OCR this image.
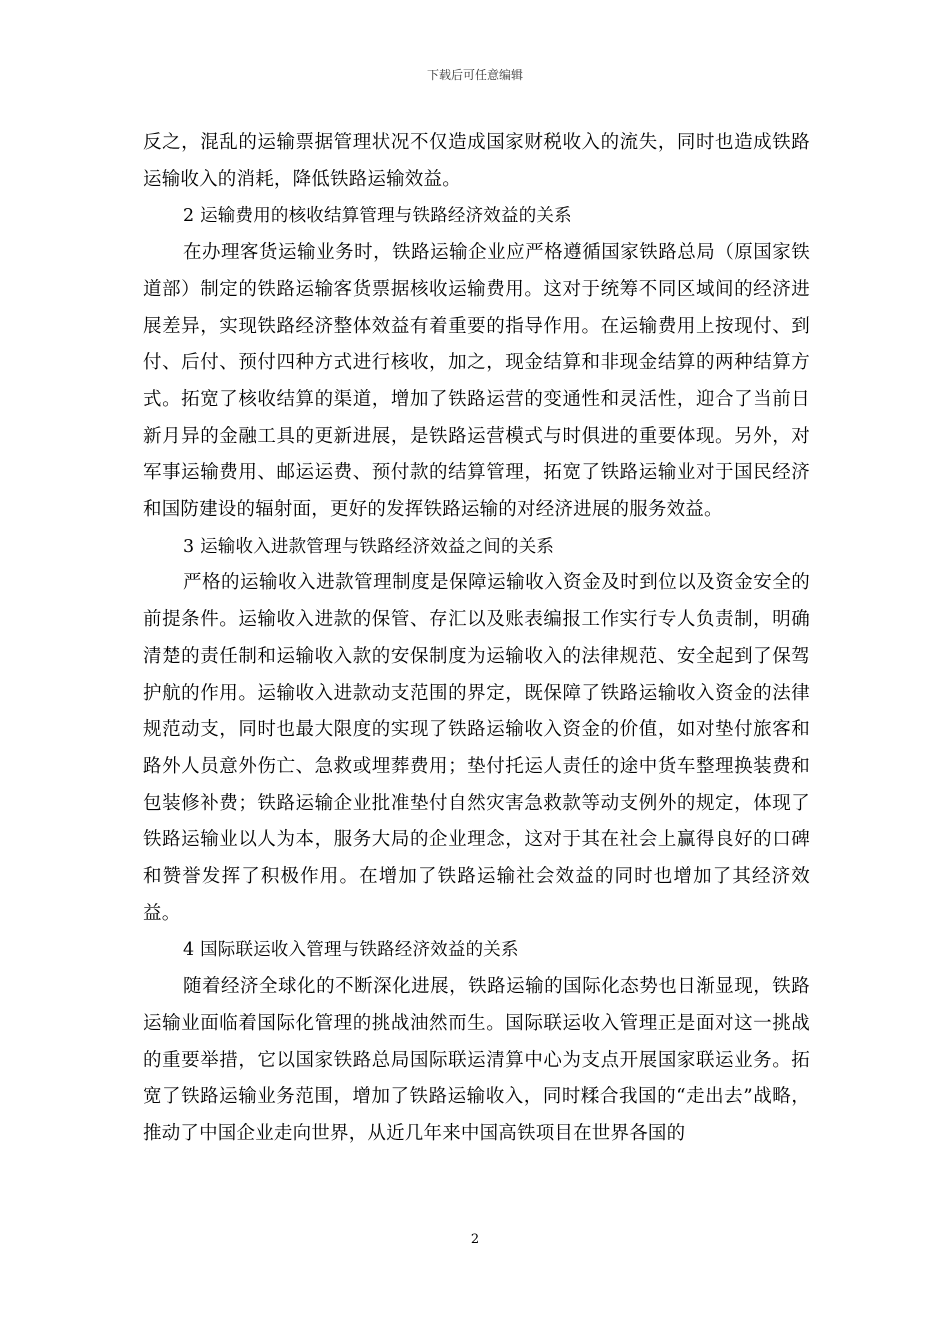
下载后可任意编辑

反之，混乱的运输票据管理状况不仅造成国家财税收入的流失，同时也造成铁路运输收入的消耗，降低铁路运输效益。

2 运输费用的核收结算管理与铁路经济效益的关系

在办理客货运输业务时，铁路运输企业应严格遵循国家铁路总局（原国家铁道部）制定的铁路运输客货票据核收运输费用。这对于统筹不同区域间的经济进展差异，实现铁路经济整体效益有着重要的指导作用。在运输费用上按现付、到付、后付、预付四种方式进行核收，加之，现金结算和非现金结算的两种结算方式。拓宽了核收结算的渠道，增加了铁路运营的变通性和灵活性，迎合了当前日新月异的金融工具的更新进展，是铁路运营模式与时俱进的重要体现。另外，对军事运输费用、邮运运费、预付款的结算管理，拓宽了铁路运输业对于国民经济和国防建设的辐射面，更好的发挥铁路运输的对经济进展的服务效益。

3 运输收入进款管理与铁路经济效益之间的关系

严格的运输收入进款管理制度是保障运输收入资金及时到位以及资金安全的前提条件。运输收入进款的保管、存汇以及账表编报工作实行专人负责制，明确清楚的责任制和运输收入款的安保制度为运输收入的法律规范、安全起到了保驾护航的作用。运输收入进款动支范围的界定，既保障了铁路运输收入资金的法律规范动支，同时也最大限度的实现了铁路运输收入资金的价值，如对垫付旅客和路外人员意外伤亡、急救或埋葬费用；垫付托运人责任的途中货车整理换装费和包装修补费；铁路运输企业批准垫付自然灾害急救款等动支例外的规定，体现了铁路运输业以人为本，服务大局的企业理念，这对于其在社会上赢得良好的口碑和赞誉发挥了积极作用。在增加了铁路运输社会效益的同时也增加了其经济效益。

4 国际联运收入管理与铁路经济效益的关系

随着经济全球化的不断深化进展，铁路运输的国际化态势也日渐显现，铁路运输业面临着国际化管理的挑战油然而生。国际联运收入管理正是面对这一挑战的重要举措，它以国家铁路总局国际联运清算中心为支点开展国家联运业务。拓宽了铁路运输业务范围，增加了铁路运输收入，同时糅合我国的“走出去”战略，推动了中国企业走向世界，从近几年来中国高铁项目在世界各国的

2
